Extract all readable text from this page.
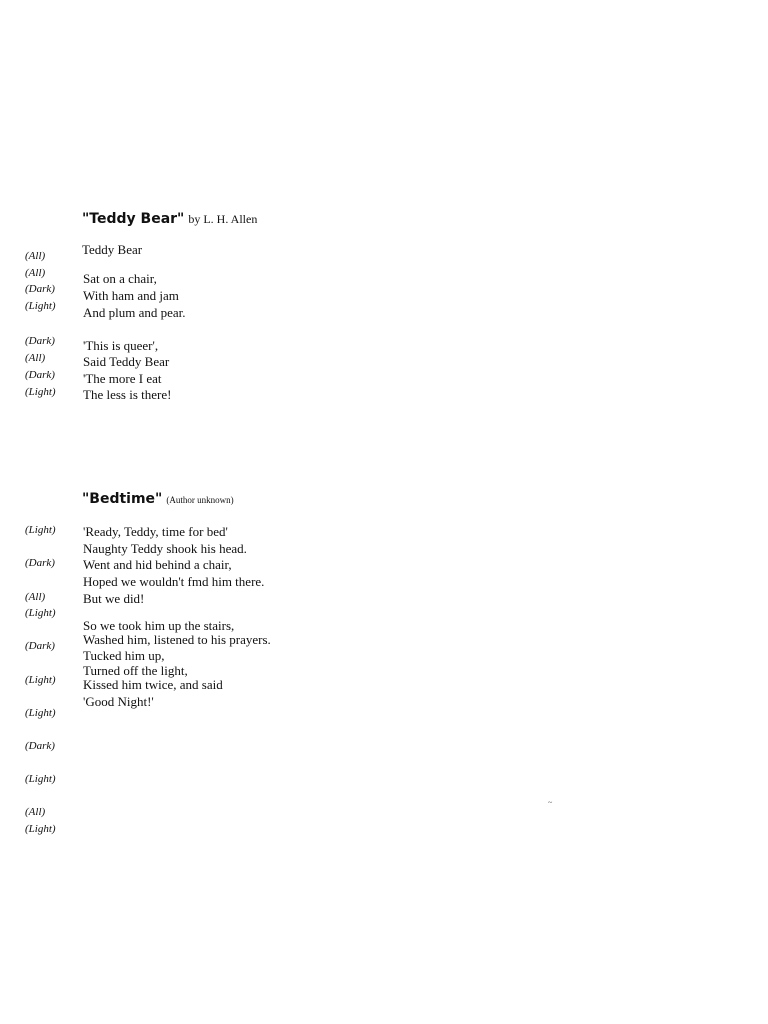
"Teddy Bear" by L. H. Allen
Teddy Bear
Sat on a chair,
With ham and jam
And plum and pear.
'This is queer',
Said Teddy Bear
'The more I eat
The less is there!
(All)
(All)
(Dark)
(Light)
(Dark)
(All)
(Dark)
(Light)
"Bedtime" (Author unknown)
'Ready, Teddy, time for bed'
Naughty Teddy shook his head.
Went and hid behind a chair,
Hoped we wouldn't fmd him there.
But we did!
So we took him up the stairs,
Washed him, listened to his prayers.
Tucked him up,
Turned off the light,
Kissed him twice, and said
'Good Night!'
(Light)
(Dark)
(All)
(Light)
(Dark)
(Light)
(Light)
(Dark)
(Light)
(All)
(Light)
~
